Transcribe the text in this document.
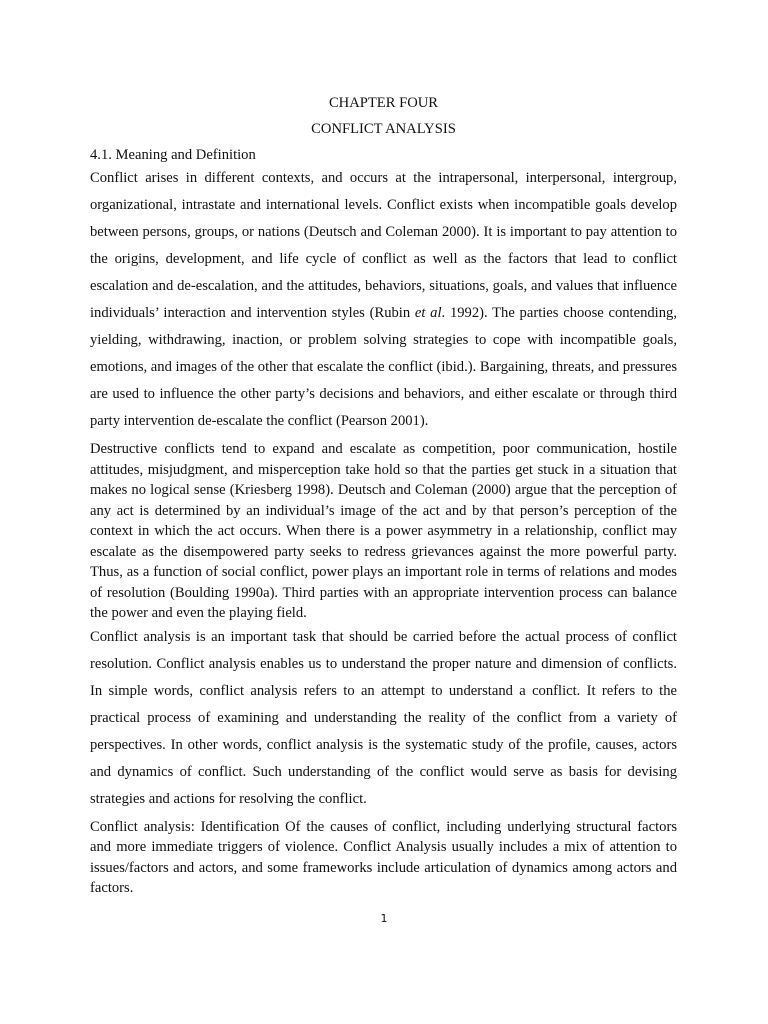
CHAPTER FOUR
CONFLICT ANALYSIS
4.1. Meaning and Definition

Conflict arises in different contexts, and occurs at the intrapersonal, interpersonal, intergroup, organizational, intrastate and international levels. Conflict exists when incompatible goals develop between persons, groups, or nations (Deutsch and Coleman 2000). It is important to pay attention to the origins, development, and life cycle of conflict as well as the factors that lead to conflict escalation and de-escalation, and the attitudes, behaviors, situations, goals, and values that influence individuals’ interaction and intervention styles (Rubin et al. 1992). The parties choose contending, yielding, withdrawing, inaction, or problem solving strategies to cope with incompatible goals, emotions, and images of the other that escalate the conflict (ibid.). Bargaining, threats, and pressures are used to influence the other party’s decisions and behaviors, and either escalate or through third party intervention de-escalate the conflict (Pearson 2001).

Destructive conflicts tend to expand and escalate as competition, poor communication, hostile attitudes, misjudgment, and misperception take hold so that the parties get stuck in a situation that makes no logical sense (Kriesberg 1998). Deutsch and Coleman (2000) argue that the perception of any act is determined by an individual’s image of the act and by that person’s perception of the context in which the act occurs. When there is a power asymmetry in a relationship, conflict may escalate as the disempowered party seeks to redress grievances against the more powerful party. Thus, as a function of social conflict, power plays an important role in terms of relations and modes of resolution (Boulding 1990a). Third parties with an appropriate intervention process can balance the power and even the playing field.

Conflict analysis is an important task that should be carried before the actual process of conflict resolution. Conflict analysis enables us to understand the proper nature and dimension of conflicts. In simple words, conflict analysis refers to an attempt to understand a conflict. It refers to the practical process of examining and understanding the reality of the conflict from a variety of perspectives. In other words, conflict analysis is the systematic study of the profile, causes, actors and dynamics of conflict. Such understanding of the conflict would serve as basis for devising strategies and actions for resolving the conflict.

Conflict analysis: Identification Of the causes of conflict, including underlying structural factors and more immediate triggers of violence. Conflict Analysis usually includes a mix of attention to issues/factors and actors, and some frameworks include articulation of dynamics among actors and factors.

1
